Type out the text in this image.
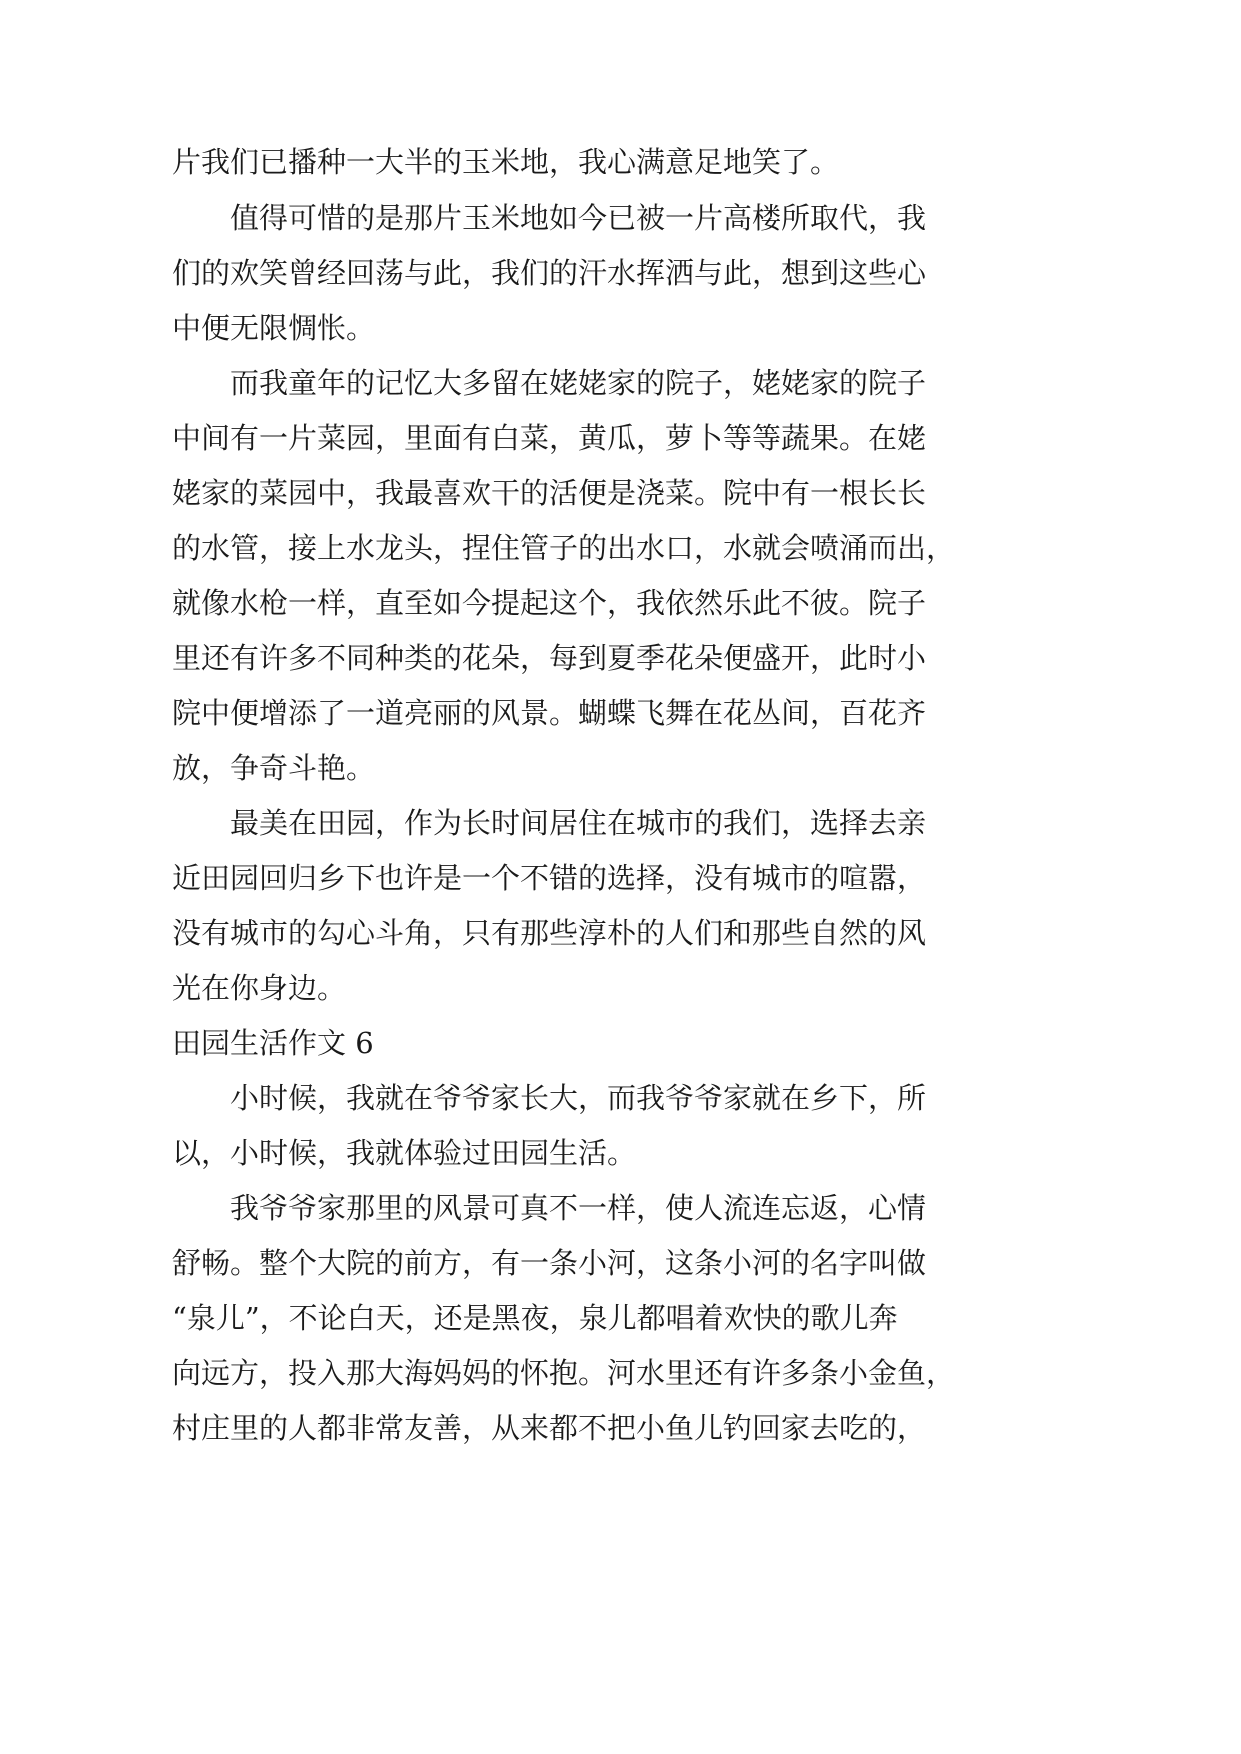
片我们已播种一大半的玉米地，我心满意足地笑了。
值得可惜的是那片玉米地如今已被一片高楼所取代，我
们的欢笑曾经回荡与此，我们的汗水挥洒与此，想到这些心
中便无限惆怅。
而我童年的记忆大多留在姥姥家的院子，姥姥家的院子
中间有一片菜园，里面有白菜，黄瓜，萝卜等等蔬果。在姥
姥家的菜园中，我最喜欢干的活便是浇菜。院中有一根长长
的水管，接上水龙头，捏住管子的出水口，水就会喷涌而出，
就像水枪一样，直至如今提起这个，我依然乐此不彼。院子
里还有许多不同种类的花朵，每到夏季花朵便盛开，此时小
院中便增添了一道亮丽的风景。蝴蝶飞舞在花丛间，百花齐
放，争奇斗艳。
最美在田园，作为长时间居住在城市的我们，选择去亲
近田园回归乡下也许是一个不错的选择，没有城市的喧嚣，
没有城市的勾心斗角，只有那些淳朴的人们和那些自然的风
光在你身边。
田园生活作文 6
小时候，我就在爷爷家长大，而我爷爷家就在乡下，所
以，小时候，我就体验过田园生活。
我爷爷家那里的风景可真不一样，使人流连忘返，心情
舒畅。整个大院的前方，有一条小河，这条小河的名字叫做
“泉儿”，不论白天，还是黑夜，泉儿都唱着欢快的歌儿奔
向远方，投入那大海妈妈的怀抱。河水里还有许多条小金鱼，
村庄里的人都非常友善，从来都不把小鱼儿钓回家去吃的，
